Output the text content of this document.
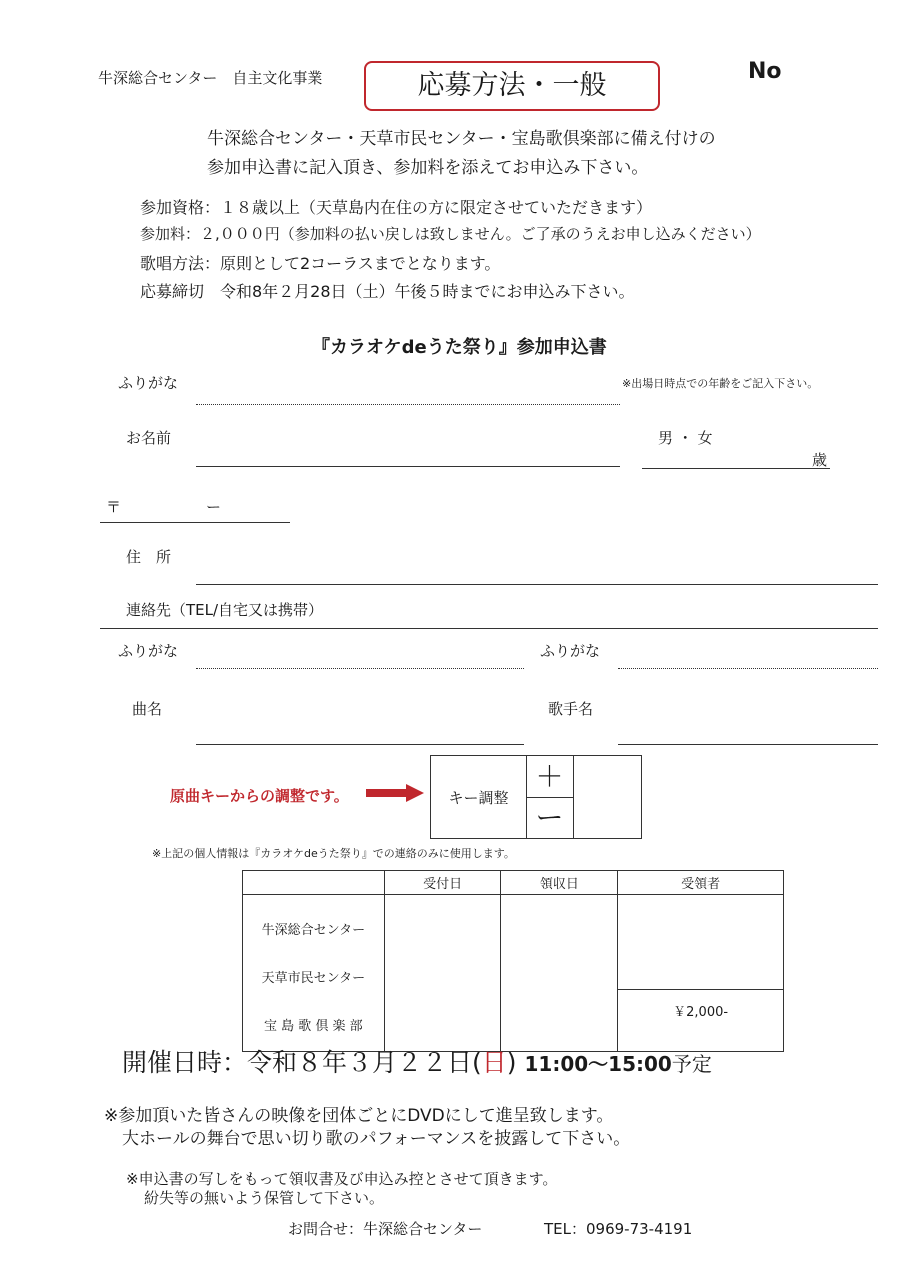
牛深総合センター　自主文化事業	応募方法・一般	No
牛深総合センター・天草市民センター・宝島歌倶楽部に備え付けの
参加申込書に記入頂き、参加料を添えてお申込み下さい。
参加資格：１８歳以上（天草島内在住の方に限定させていただきます）
参加料：２,０００円（参加料の払い戻しは致しません。ご了承のうえお申し込みください）
歌唱方法：原則として2コーラスまでとなります。
応募締切　令和8年２月28日（土）午後５時までにお申込み下さい。
『カラオケdeうた祭り』参加申込書
ふりがな	※出場日時点での年齢をご記入下さい。
お名前	男 ・ 女
歳
〒	ー
住　所
連絡先（TEL/自宅又は携帯）
ふりがな	ふりがな
曲名	歌手名
原曲キーからの調整です。	キー調整
＋
ー
※上記の個人情報は『カラオケdeうた祭り』での連絡のみに使用します。
	受付日	領収日	受領者

牛深総合センター
天草市民センター
宝 島 歌 倶 楽 部			￥2,000-
開催日時：令和８年３月２２日(日) 11:00～15:00予定
※参加頂いた皆さんの映像を団体ごとにDVDにして進呈致します。
大ホールの舞台で思い切り歌のパフォーマンスを披露して下さい。
※申込書の写しをもって領収書及び申込み控とさせて頂きます。
紛失等の無いよう保管して下さい。
お問合せ：牛深総合センター	TEL：0969-73-4191
